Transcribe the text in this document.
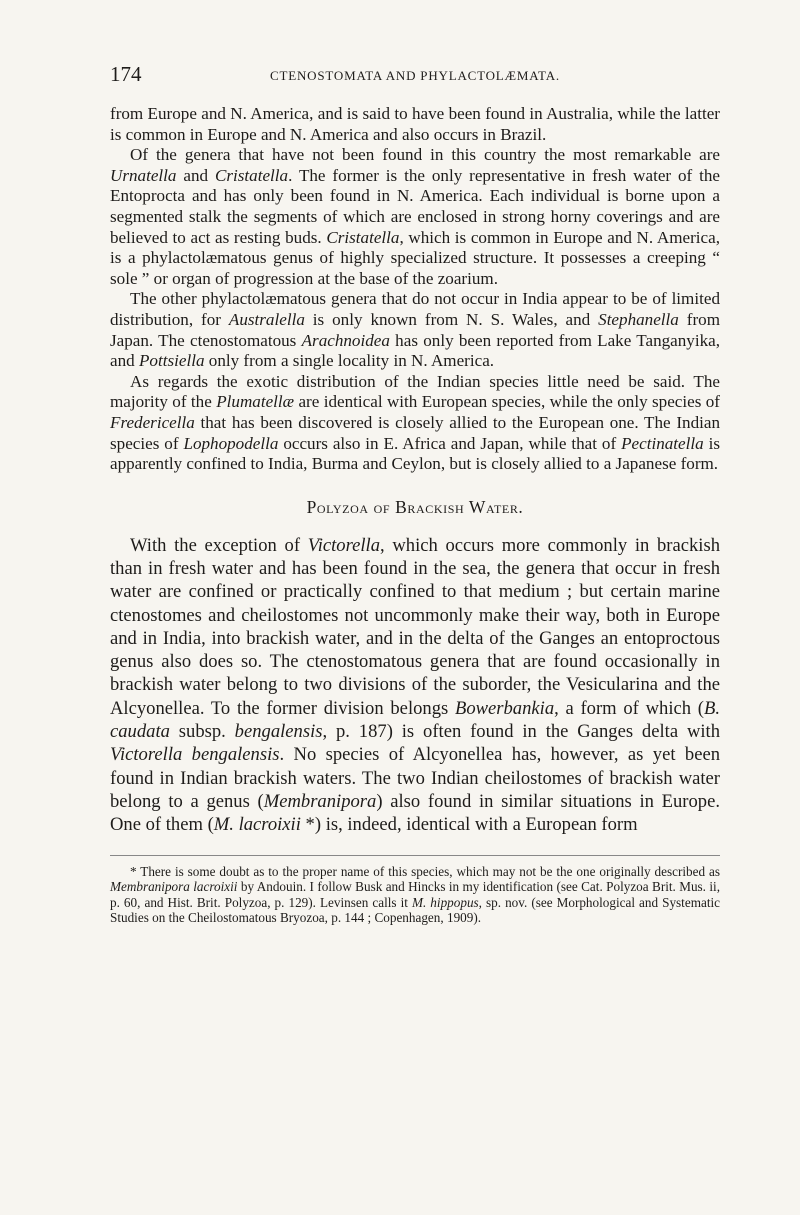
174	CTENOSTOMATA AND PHYLACTOLÆMATA.

from Europe and N. America, and is said to have been found in Australia, while the latter is common in Europe and N. America and also occurs in Brazil.

Of the genera that have not been found in this country the most remarkable are Urnatella and Cristatella. The former is the only representative in fresh water of the Entoprocta and has only been found in N. America. Each individual is borne upon a segmented stalk the segments of which are enclosed in strong horny coverings and are believed to act as resting buds. Cristatella, which is common in Europe and N. America, is a phylactolæmatous genus of highly specialized structure. It possesses a creeping “ sole ” or organ of progression at the base of the zoarium.

The other phylactolæmatous genera that do not occur in India appear to be of limited distribution, for Australella is only known from N. S. Wales, and Stephanella from Japan. The ctenostomatous Arachnoidea has only been reported from Lake Tanganyika, and Pottsiella only from a single locality in N. America.

As regards the exotic distribution of the Indian species little need be said. The majority of the Plumatellæ are identical with European species, while the only species of Fredericella that has been discovered is closely allied to the European one. The Indian species of Lophopodella occurs also in E. Africa and Japan, while that of Pectinatella is apparently confined to India, Burma and Ceylon, but is closely allied to a Japanese form.

Polyzoa of Brackish Water.

With the exception of Victorella, which occurs more commonly in brackish than in fresh water and has been found in the sea, the genera that occur in fresh water are confined or practically confined to that medium ; but certain marine ctenostomes and cheilostomes not uncommonly make their way, both in Europe and in India, into brackish water, and in the delta of the Ganges an entoproctous genus also does so. The ctenostomatous genera that are found occasionally in brackish water belong to two divisions of the suborder, the Vesicularina and the Alcyonellea. To the former division belongs Bowerbankia, a form of which (B. caudata subsp. bengalensis, p. 187) is often found in the Ganges delta with Victorella bengalensis. No species of Alcyonellea has, however, as yet been found in Indian brackish waters. The two Indian cheilostomes of brackish water belong to a genus (Membranipora) also found in similar situations in Europe. One of them (M. lacroixii *) is, indeed, identical with a European form

* There is some doubt as to the proper name of this species, which may not be the one originally described as Membranipora lacroixii by Andouin. I follow Busk and Hincks in my identification (see Cat. Polyzoa Brit. Mus. ii, p. 60, and Hist. Brit. Polyzoa, p. 129). Levinsen calls it M. hippopus, sp. nov. (see Morphological and Systematic Studies on the Cheilostomatous Bryozoa, p. 144 ; Copenhagen, 1909).
